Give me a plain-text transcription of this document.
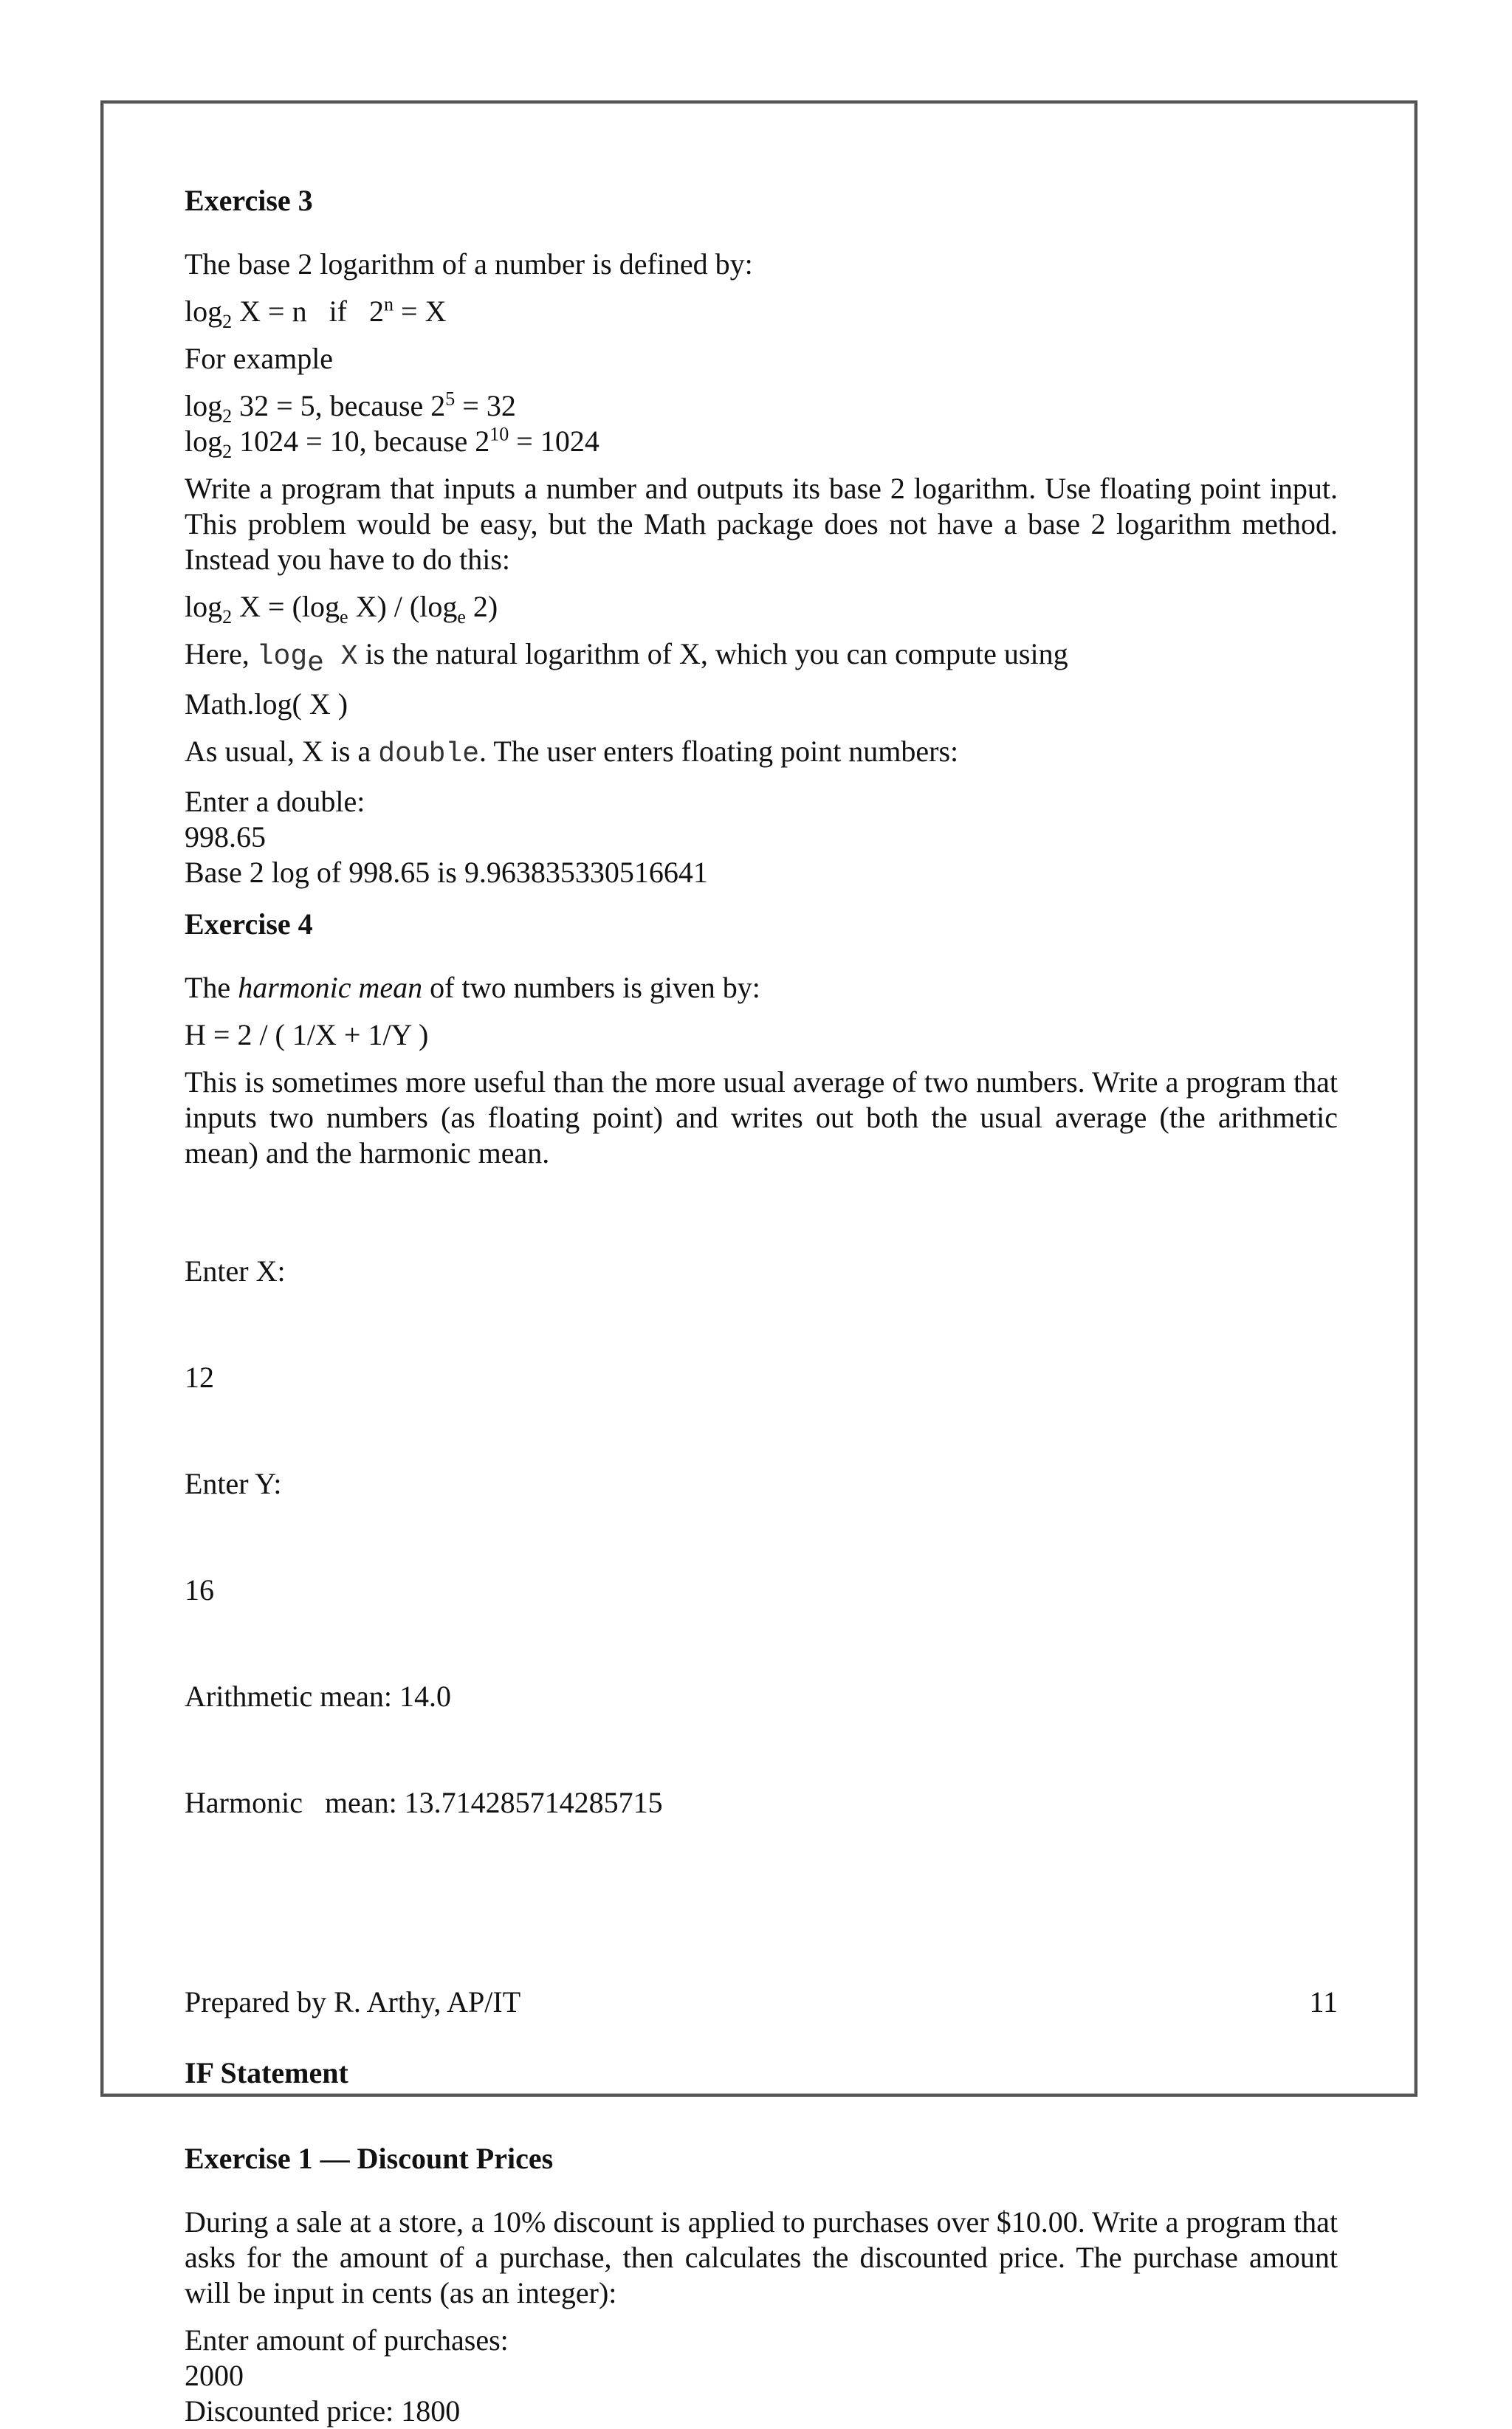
Exercise 3

The base 2 logarithm of a number is defined by:

$\log_2 X = n$   if   $2^n = X$

For example

$\log_2 32 = 5$, because $2^5 = 32$

$\log_2 1024 = 10$, because $2^{10} = 1024$

Write a program that inputs a number and outputs its base 2 logarithm. Use floating point input. This problem would be easy, but the Math package does not have a base 2 logarithm method. Instead you have to do this:

$\log_2 X = (\log_e$ $X) / (\log_e$ 2)

Here, $\log_e X$ is the natural logarithm of X, which you can compute using

Math.log( X )

As usual, X is a double. The user enters floating point numbers:

Enter a double:

998.65

Base 2 log of 998.65 is 9.963835330516641

Exercise 4

The harmonic mean of two numbers is given by:

H = 2 / ( 1/X + 1/Y )

This is sometimes more useful than the more usual average of two numbers. Write a program that inputs two numbers (as floating point) and writes out both the usual average (the arithmetic mean) and the harmonic mean.

Enter X:

12

Enter Y:

16

Arithmetic mean: 14.0

Harmonic   mean: 13.714285714285715

IF Statement

Exercise 1 — Discount Prices

During a sale at a store, a 10% discount is applied to purchases over $10.00. Write a program that asks for the amount of a purchase, then calculates the discounted price. The purchase amount will be input in cents (as an integer):

Enter amount of purchases:

2000

Discounted price: 1800

Prepared by R. Arthy, AP/IT	11
